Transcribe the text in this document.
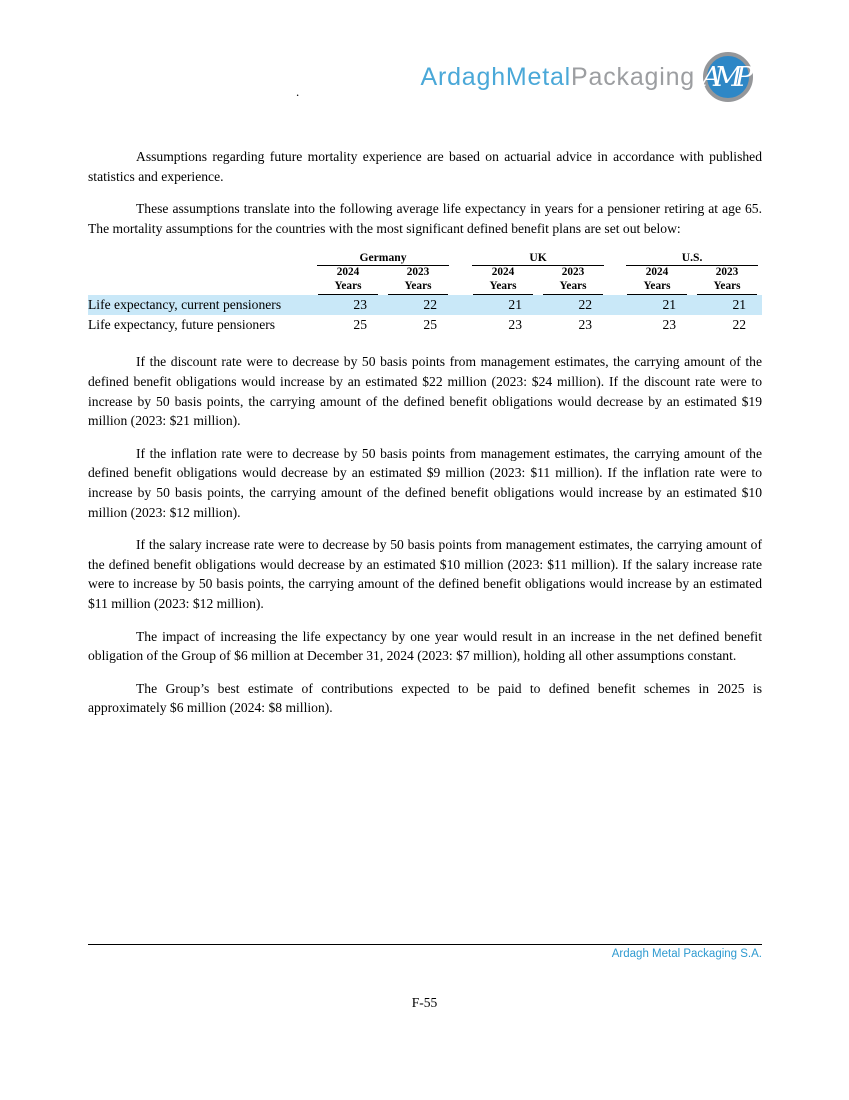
ArdaghMetalPackaging AMP
.

Assumptions regarding future mortality experience are based on actuarial advice in accordance with published statistics and experience.

These assumptions translate into the following average life expectancy in years for a pensioner retiring at age 65. The mortality assumptions for the countries with the most significant defined benefit plans are set out below:

	Germany			UK			U.S.	

	2024
Years	2023
Years		2024
Years	2023
Years		2024
Years	2023
Years

Life expectancy, current pensioners	23	22		21	22		21	21
Life expectancy, future pensioners	25	25		23	23		23	22

If the discount rate were to decrease by 50 basis points from management estimates, the carrying amount of the defined benefit obligations would increase by an estimated $22 million (2023: $24 million). If the discount rate were to increase by 50 basis points, the carrying amount of the defined benefit obligations would decrease by an estimated $19 million (2023: $21 million).

If the inflation rate were to decrease by 50 basis points from management estimates, the carrying amount of the defined benefit obligations would decrease by an estimated $9 million (2023: $11 million). If the inflation rate were to increase by 50 basis points, the carrying amount of the defined benefit obligations would increase by an estimated $10 million (2023: $12 million).

If the salary increase rate were to decrease by 50 basis points from management estimates, the carrying amount of the defined benefit obligations would decrease by an estimated $10 million (2023: $11 million). If the salary increase rate were to increase by 50 basis points, the carrying amount of the defined benefit obligations would increase by an estimated $11 million (2023: $12 million).

The impact of increasing the life expectancy by one year would result in an increase in the net defined benefit obligation of the Group of $6 million at December 31, 2024 (2023: $7 million), holding all other assumptions constant.

The Group’s best estimate of contributions expected to be paid to defined benefit schemes in 2025 is approximately $6 million (2024: $8 million).

Ardagh Metal Packaging S.A.
F-55
